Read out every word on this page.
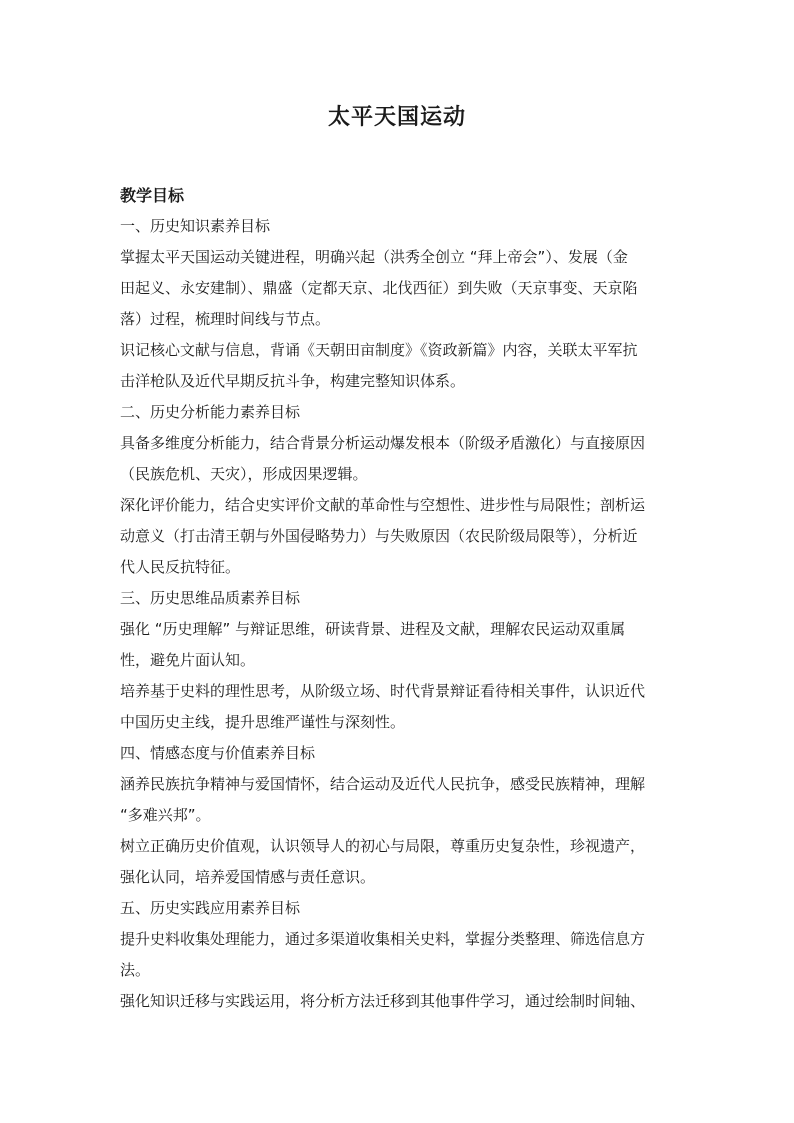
太平天国运动
教学目标
一、历史知识素养目标
掌握太平天国运动关键进程，明确兴起（洪秀全创立 “拜上帝会”）、发展（金
田起义、永安建制）、鼎盛（定都天京、北伐西征）到失败（天京事变、天京陷
落）过程，梳理时间线与节点。
识记核心文献与信息，背诵《天朝田亩制度》《资政新篇》内容，关联太平军抗
击洋枪队及近代早期反抗斗争，构建完整知识体系。
二、历史分析能力素养目标
具备多维度分析能力，结合背景分析运动爆发根本（阶级矛盾激化）与直接原因
（民族危机、天灾），形成因果逻辑。
深化评价能力，结合史实评价文献的革命性与空想性、进步性与局限性；剖析运
动意义（打击清王朝与外国侵略势力）与失败原因（农民阶级局限等），分析近
代人民反抗特征。
三、历史思维品质素养目标
强化 “历史理解” 与辩证思维，研读背景、进程及文献，理解农民运动双重属
性，避免片面认知。
培养基于史料的理性思考，从阶级立场、时代背景辩证看待相关事件，认识近代
中国历史主线，提升思维严谨性与深刻性。
四、情感态度与价值素养目标
涵养民族抗争精神与爱国情怀，结合运动及近代人民抗争，感受民族精神，理解
“多难兴邦”。
树立正确历史价值观，认识领导人的初心与局限，尊重历史复杂性，珍视遗产，
强化认同，培养爱国情感与责任意识。
五、历史实践应用素养目标
提升史料收集处理能力，通过多渠道收集相关史料，掌握分类整理、筛选信息方
法。
强化知识迁移与实践运用，将分析方法迁移到其他事件学习，通过绘制时间轴、
